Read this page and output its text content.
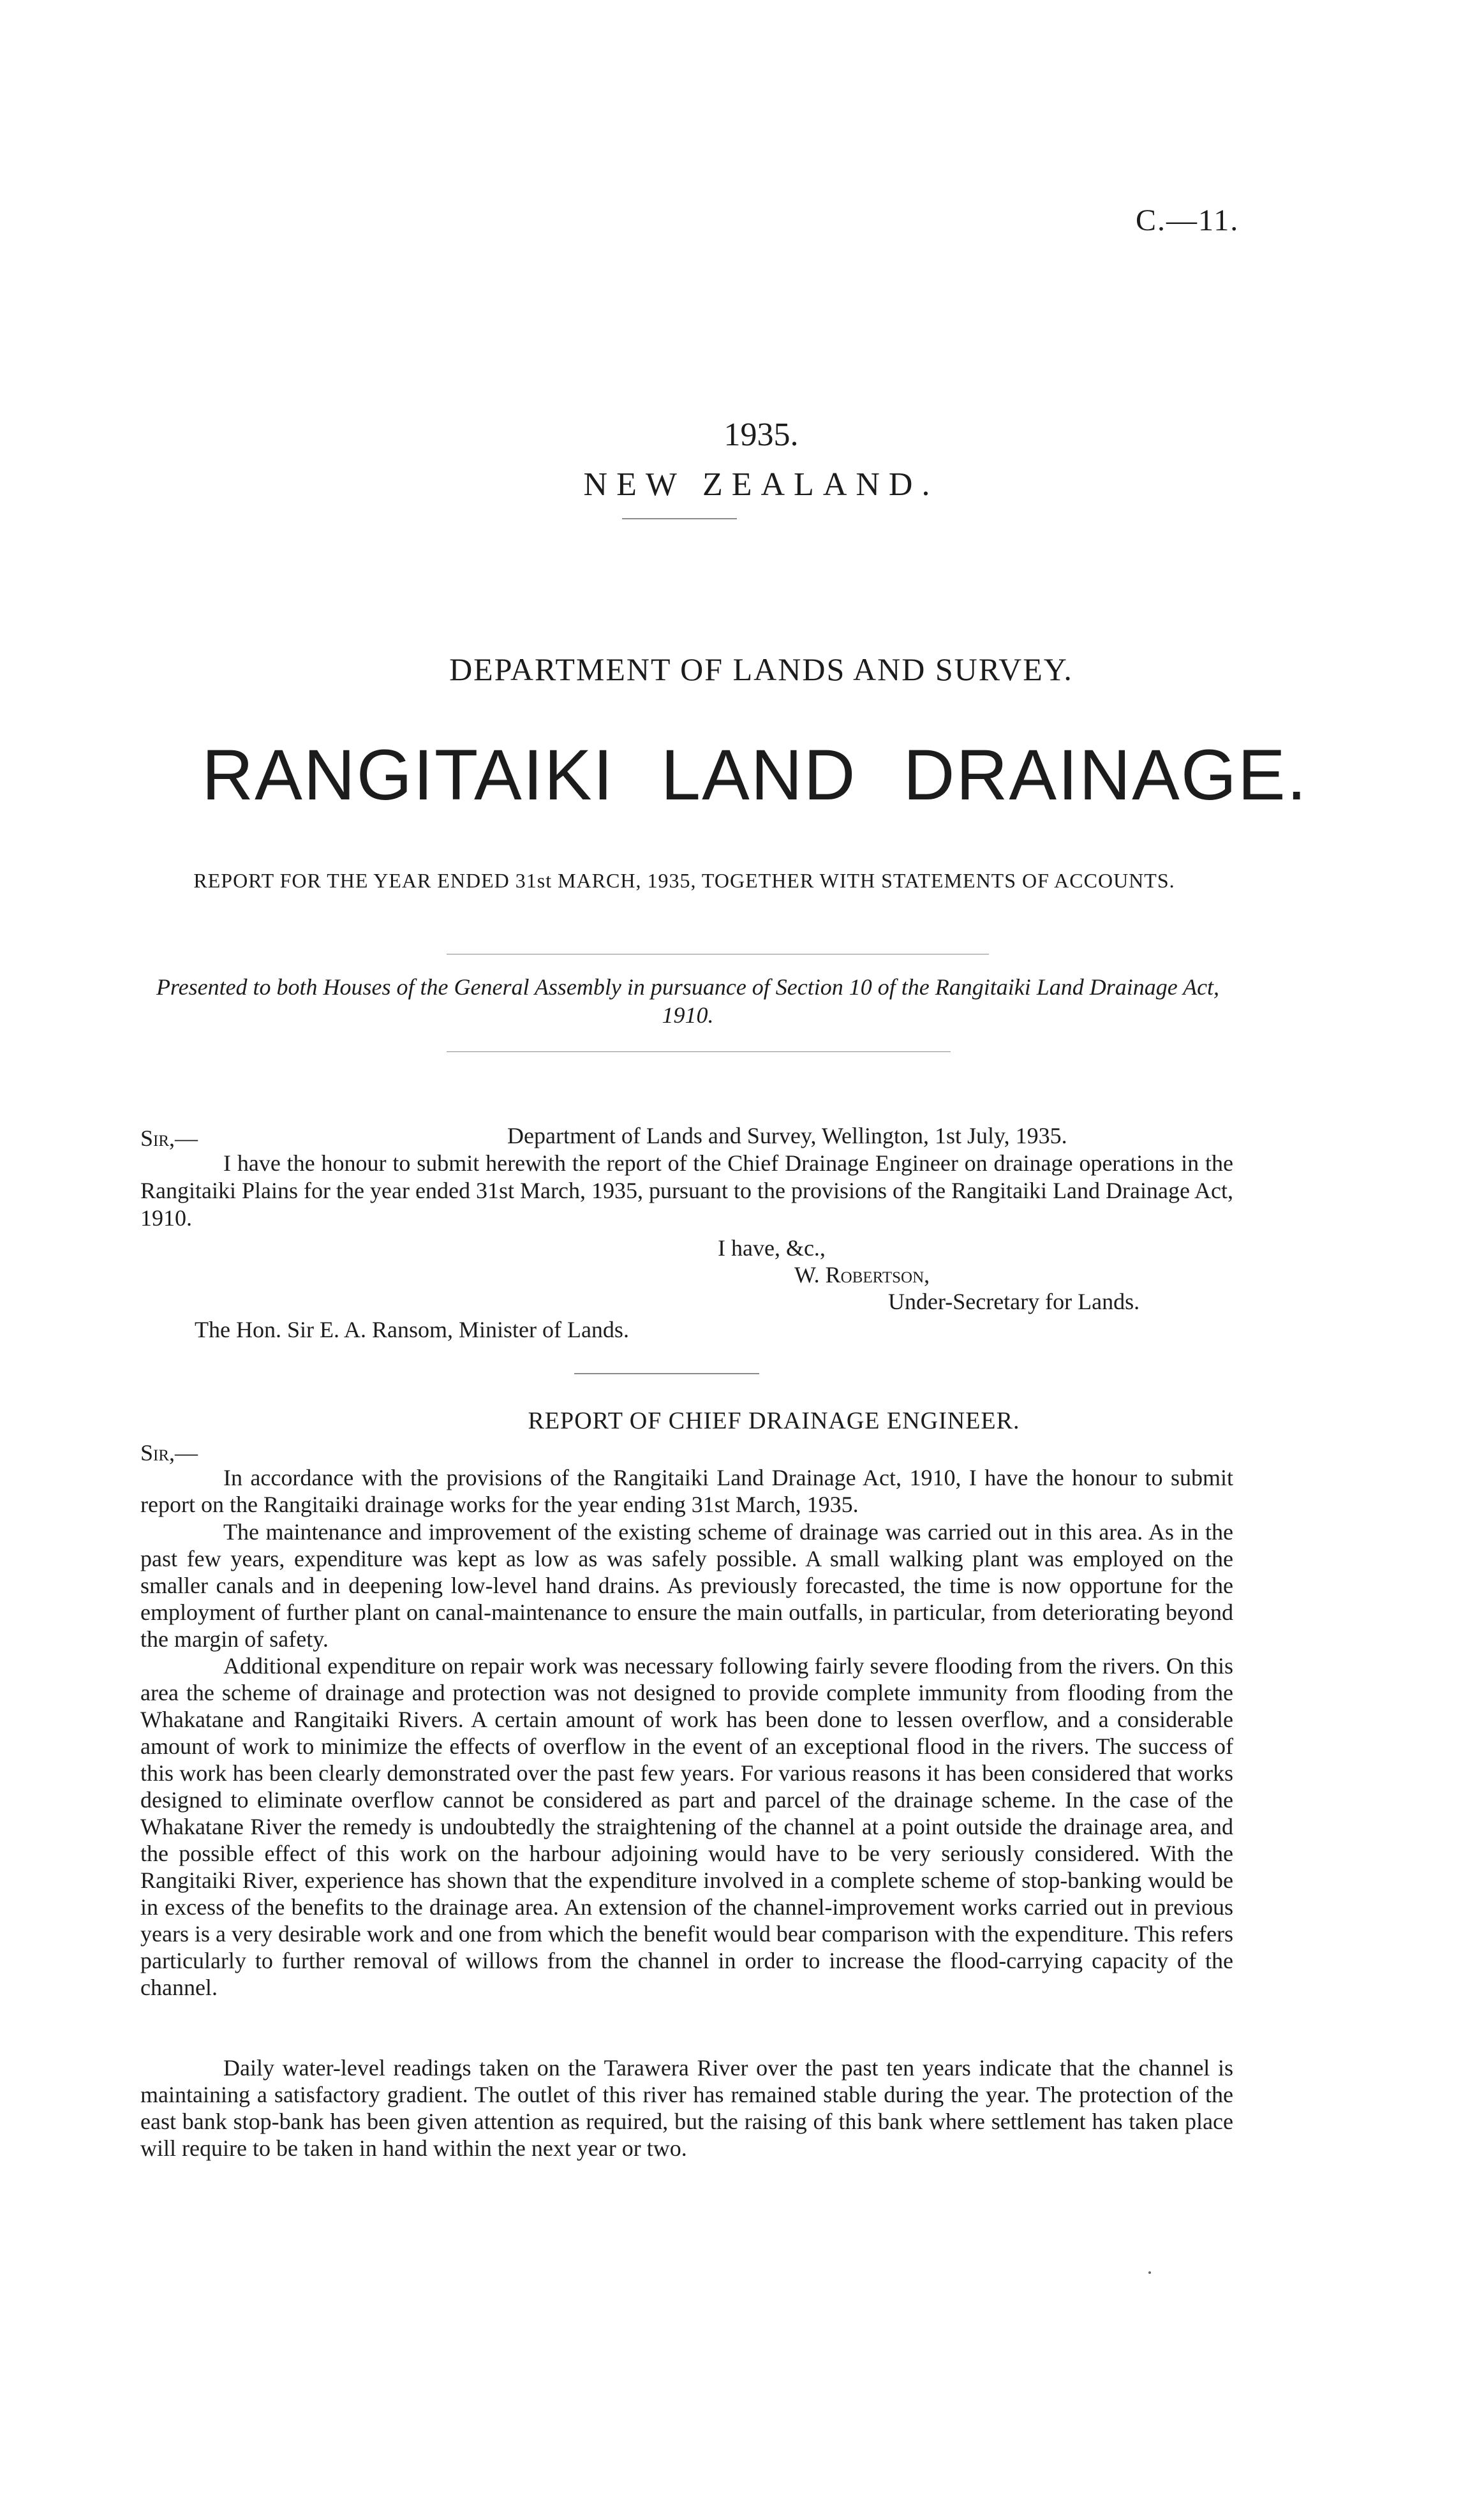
C.—11.
1935.
NEW ZEALAND.
DEPARTMENT OF LANDS AND SURVEY.
RANGITAIKI LAND DRAINAGE.
REPORT FOR THE YEAR ENDED 31st MARCH, 1935, TOGETHER WITH STATEMENTS OF ACCOUNTS.
Presented to both Houses of the General Assembly in pursuance of Section 10 of the Rangitaiki Land Drainage Act, 1910.
Sir,—	Department of Lands and Survey, Wellington, 1st July, 1935.
I have the honour to submit herewith the report of the Chief Drainage Engineer on drainage operations in the Rangitaiki Plains for the year ended 31st March, 1935, pursuant to the provisions of the Rangitaiki Land Drainage Act, 1910.
I have, &c.,
W. Robertson,
Under-Secretary for Lands.
The Hon. Sir E. A. Ransom, Minister of Lands.
REPORT OF CHIEF DRAINAGE ENGINEER.
Sir,—
In accordance with the provisions of the Rangitaiki Land Drainage Act, 1910, I have the honour to submit report on the Rangitaiki drainage works for the year ending 31st March, 1935.
The maintenance and improvement of the existing scheme of drainage was carried out in this area. As in the past few years, expenditure was kept as low as was safely possible. A small walking plant was employed on the smaller canals and in deepening low-level hand drains. As previously forecasted, the time is now opportune for the employment of further plant on canal-maintenance to ensure the main outfalls, in particular, from deteriorating beyond the margin of safety.
Additional expenditure on repair work was necessary following fairly severe flooding from the rivers. On this area the scheme of drainage and protection was not designed to provide complete immunity from flooding from the Whakatane and Rangitaiki Rivers. A certain amount of work has been done to lessen overflow, and a considerable amount of work to minimize the effects of overflow in the event of an exceptional flood in the rivers. The success of this work has been clearly demonstrated over the past few years. For various reasons it has been considered that works designed to eliminate overflow cannot be considered as part and parcel of the drainage scheme. In the case of the Whakatane River the remedy is undoubtedly the straightening of the channel at a point outside the drainage area, and the possible effect of this work on the harbour adjoining would have to be very seriously considered. With the Rangitaiki River, experience has shown that the expenditure involved in a complete scheme of stop-banking would be in excess of the benefits to the drainage area. An extension of the channel-improvement works carried out in previous years is a very desirable work and one from which the benefit would bear comparison with the expenditure. This refers particularly to further removal of willows from the channel in order to increase the flood-carrying capacity of the channel.
Daily water-level readings taken on the Tarawera River over the past ten years indicate that the channel is maintaining a satisfactory gradient. The outlet of this river has remained stable during the year. The protection of the east bank stop-bank has been given attention as required, but the raising of this bank where settlement has taken place will require to be taken in hand within the next year or two.
